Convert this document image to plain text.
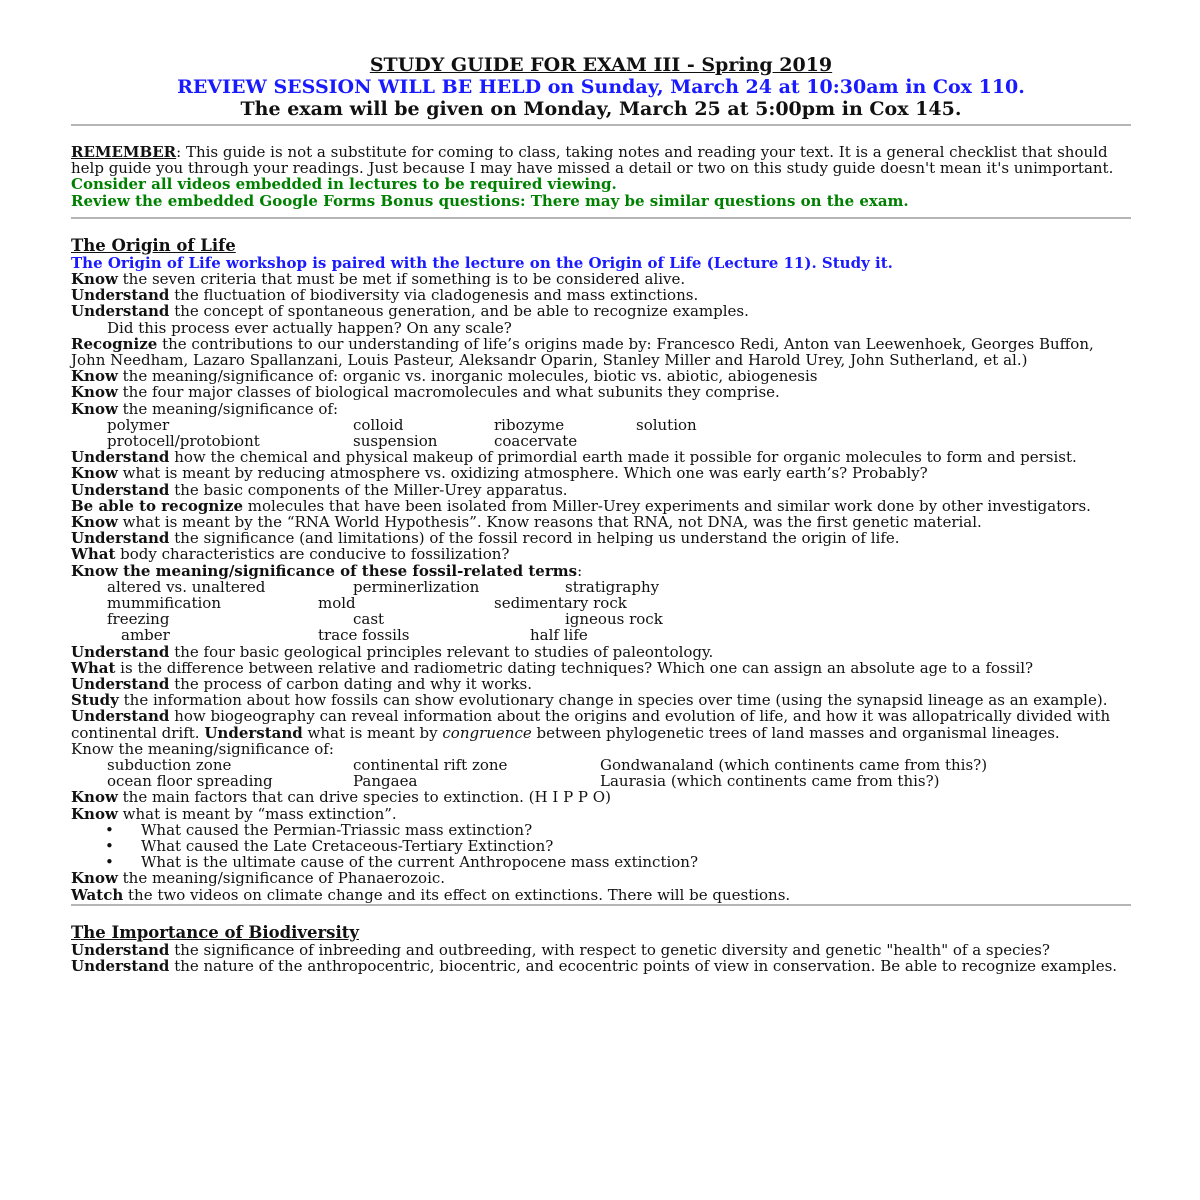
STUDY GUIDE FOR EXAM III - Spring 2019
REVIEW SESSION WILL BE HELD on Sunday, March 24 at 10:30am in Cox 110.
The exam will be given on Monday, March 25 at 5:00pm in Cox 145.
REMEMBER: This guide is not a substitute for coming to class, taking notes and reading your text. It is a general checklist that should help guide you through your readings. Just because I may have missed a detail or two on this study guide doesn't mean it's unimportant.
Consider all videos embedded in lectures to be required viewing.
Review the embedded Google Forms Bonus questions: There may be similar questions on the exam.
The Origin of Life
The Origin of Life workshop is paired with the lecture on the Origin of Life (Lecture 11). Study it.
Know the seven criteria that must be met if something is to be considered alive.
Understand the fluctuation of biodiversity via cladogenesis and mass extinctions.
Understand the concept of spontaneous generation, and be able to recognize examples.
Did this process ever actually happen? On any scale?
Recognize the contributions to our understanding of life’s origins made by: Francesco Redi, Anton van Leewenhoek, Georges Buffon, John Needham, Lazaro Spallanzani, Louis Pasteur, Aleksandr Oparin, Stanley Miller and Harold Urey, John Sutherland, et al.)
Know the meaning/significance of: organic vs. inorganic molecules, biotic vs. abiotic, abiogenesis
Know the four major classes of biological macromolecules and what subunits they comprise.
Know the meaning/significance of:
polymer	colloid	ribozyme	solution
protocell/protobiont	suspension	coacervate
Understand how the chemical and physical makeup of primordial earth made it possible for organic molecules to form and persist.
Know what is meant by reducing atmosphere vs. oxidizing atmosphere. Which one was early earth’s? Probably?
Understand the basic components of the Miller-Urey apparatus.
Be able to recognize molecules that have been isolated from Miller-Urey experiments and similar work done by other investigators.
Know what is meant by the “RNA World Hypothesis”. Know reasons that RNA, not DNA, was the first genetic material.
Understand the significance (and limitations) of the fossil record in helping us understand the origin of life.
What body characteristics are conducive to fossilization?
Know the meaning/significance of these fossil-related terms:
altered vs. unaltered	perminerlization	stratigraphy
mummification	mold	sedimentary rock
freezing	cast	igneous rock
amber	trace fossils	half life
Understand the four basic geological principles relevant to studies of paleontology.
What is the difference between relative and radiometric dating techniques? Which one can assign an absolute age to a fossil?
Understand the process of carbon dating and why it works.
Study the information about how fossils can show evolutionary change in species over time (using the synapsid lineage as an example).
Understand how biogeography can reveal information about the origins and evolution of life, and how it was allopatrically divided with continental drift. Understand what is meant by congruence between phylogenetic trees of land masses and organismal lineages.
Know the meaning/significance of:
subduction zone	continental rift zone	Gondwanaland (which continents came from this?)
ocean floor spreading	Pangaea	Laurasia (which continents came from this?)
Know the main factors that can drive species to extinction. (H I P P O)
Know what is meant by “mass extinction”.
• What caused the Permian-Triassic mass extinction?
• What caused the Late Cretaceous-Tertiary Extinction?
• What is the ultimate cause of the current Anthropocene mass extinction?
Know the meaning/significance of Phanaerozoic.
Watch the two videos on climate change and its effect on extinctions. There will be questions.
The Importance of Biodiversity
Understand the significance of inbreeding and outbreeding, with respect to genetic diversity and genetic "health" of a species? Understand the nature of the anthropocentric, biocentric, and ecocentric points of view in conservation. Be able to recognize examples.
